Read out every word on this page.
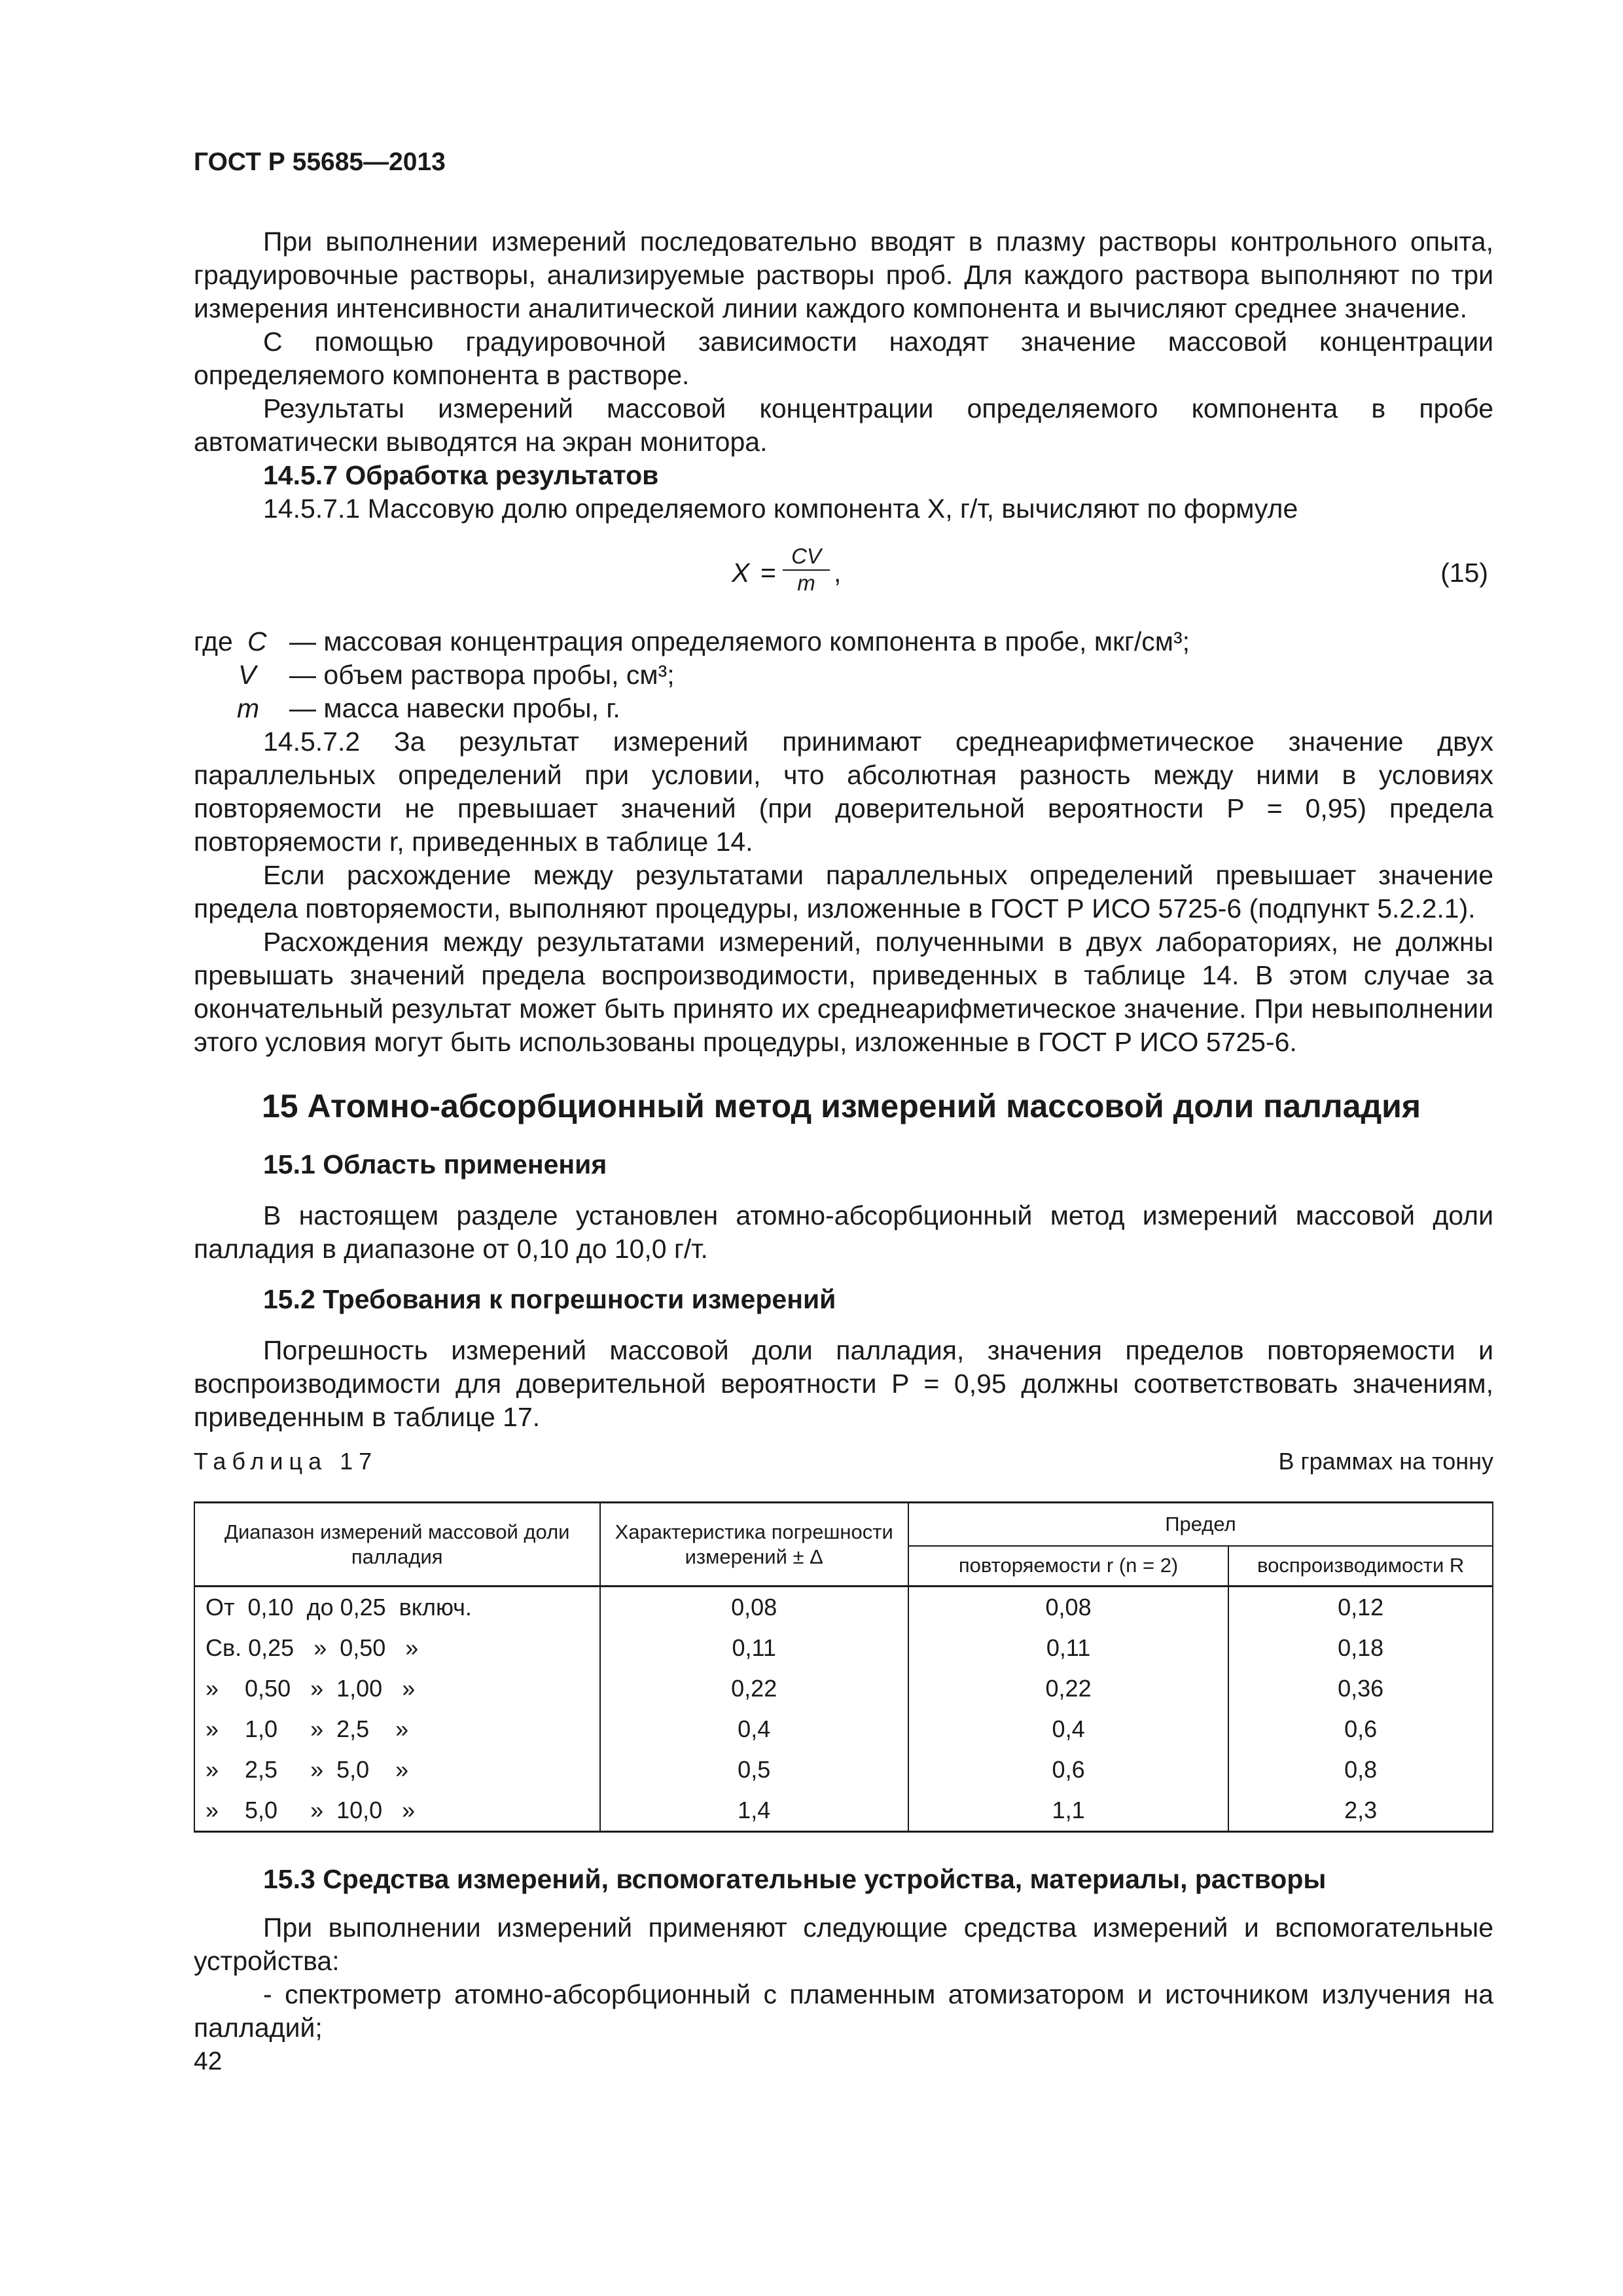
ГОСТ Р 55685—2013
При выполнении измерений последовательно вводят в плазму растворы контрольного опыта, градуировочные растворы, анализируемые растворы проб. Для каждого раствора выполняют по три измерения интенсивности аналитической линии каждого компонента и вычисляют среднее значение.
С помощью градуировочной зависимости находят значение массовой концентрации определяемого компонента в растворе.
Результаты измерений массовой концентрации определяемого компонента в пробе автоматически выводятся на экран монитора.
14.5.7 Обработка результатов
14.5.7.1 Массовую долю определяемого компонента X, г/т, вычисляют по формуле
$X = \frac{CV}{m}$ ,	(15)
где C — массовая концентрация определяемого компонента в пробе, мкг/см³;
V — объем раствора пробы, см³;
m — масса навески пробы, г.
14.5.7.2 За результат измерений принимают среднеарифметическое значение двух параллельных определений при условии, что абсолютная разность между ними в условиях повторяемости не превышает значений (при доверительной вероятности P = 0,95) предела повторяемости r, приведенных в таблице 14.
Если расхождение между результатами параллельных определений превышает значение предела повторяемости, выполняют процедуры, изложенные в ГОСТ Р ИСО 5725-6 (подпункт 5.2.2.1).
Расхождения между результатами измерений, полученными в двух лабораториях, не должны превышать значений предела воспроизводимости, приведенных в таблице 14. В этом случае за окончательный результат может быть принято их среднеарифметическое значение. При невыполнении этого условия могут быть использованы процедуры, изложенные в ГОСТ Р ИСО 5725-6.
15 Атомно-абсорбционный метод измерений массовой доли палладия
15.1 Область применения
В настоящем разделе установлен атомно-абсорбционный метод измерений массовой доли палладия в диапазоне от 0,10 до 10,0 г/т.
15.2 Требования к погрешности измерений
Погрешность измерений массовой доли палладия, значения пределов повторяемости и воспроизводимости для доверительной вероятности P = 0,95 должны соответствовать значениям, приведенным в таблице 17.
Таблица 17	В граммах на тонну
Диапазон измерений массовой доли палладия	Характеристика погрешности измерений ± Δ	Предел	
		повторяемости r (n = 2)	воспроизводимости R
От  0,10  до 0,25  включ.	0,08	0,08	0,12
Св. 0,25   »  0,50   »	0,11	0,11	0,18
»    0,50   »  1,00   »	0,22	0,22	0,36
»    1,0     »  2,5    »	0,4	0,4	0,6
»    2,5     »  5,0    »	0,5	0,6	0,8
»    5,0     »  10,0   »	1,4	1,1	2,3
15.3 Средства измерений, вспомогательные устройства, материалы, растворы
При выполнении измерений применяют следующие средства измерений и вспомогательные устройства:
- спектрометр атомно-абсорбционный с пламенным атомизатором и источником излучения на палладий;
42
